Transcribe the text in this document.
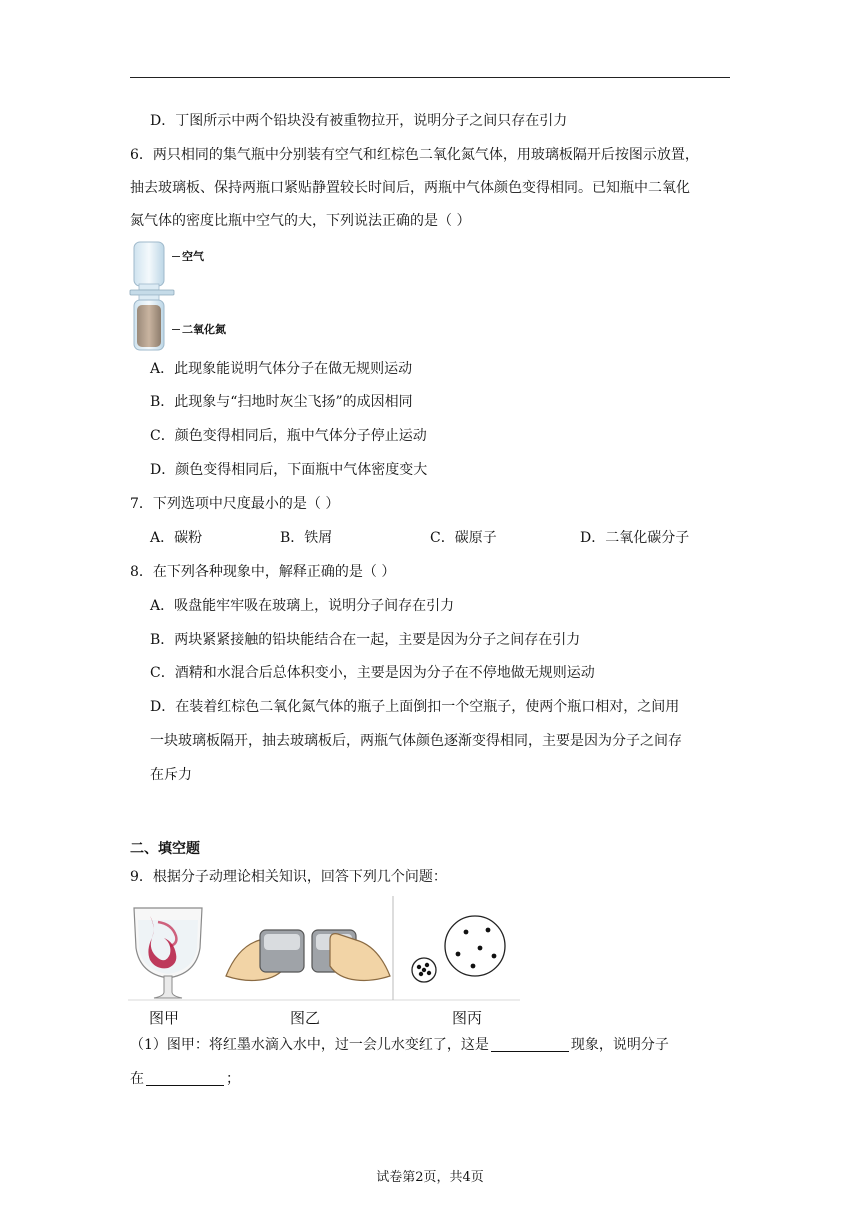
D．丁图所示中两个铅块没有被重物拉开，说明分子之间只存在引力
6．两只相同的集气瓶中分别装有空气和红棕色二氧化氮气体，用玻璃板隔开后按图示放置，
抽去玻璃板、保持两瓶口紧贴静置较长时间后，两瓶中气体颜色变得相同。已知瓶中二氧化
氮气体的密度比瓶中空气的大，下列说法正确的是（ ）
空气
二氧化氮
A．此现象能说明气体分子在做无规则运动
B．此现象与“扫地时灰尘飞扬”的成因相同
C．颜色变得相同后，瓶中气体分子停止运动
D．颜色变得相同后，下面瓶中气体密度变大
7．下列选项中尺度最小的是（ ）
A．碳粉	B．铁屑	C．碳原子	D．二氧化碳分子
8．在下列各种现象中，解释正确的是（ ）
A．吸盘能牢牢吸在玻璃上，说明分子间存在引力
B．两块紧紧接触的铅块能结合在一起，主要是因为分子之间存在引力
C．酒精和水混合后总体积变小，主要是因为分子在不停地做无规则运动
D．在装着红棕色二氧化氮气体的瓶子上面倒扣一个空瓶子，使两个瓶口相对，之间用
一块玻璃板隔开，抽去玻璃板后，两瓶气体颜色逐渐变得相同，主要是因为分子之间存
在斥力
二、填空题
9．根据分子动理论相关知识，回答下列几个问题：
图甲	图乙	图丙
（1）图甲：将红墨水滴入水中，过一会儿水变红了，这是	现象，说明分子
在	；
试卷第2页，共4页
